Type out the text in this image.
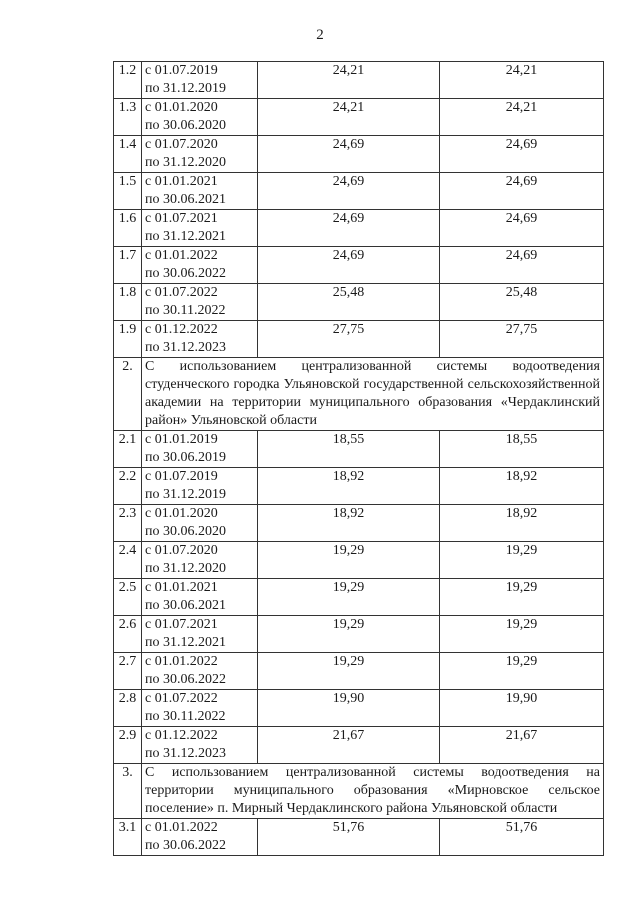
2
1.2	с 01.07.2019
по 31.12.2019	24,21	24,21
1.3	с 01.01.2020
по 30.06.2020	24,21	24,21
1.4	с 01.07.2020
по 31.12.2020	24,69	24,69
1.5	с 01.01.2021
по 30.06.2021	24,69	24,69
1.6	с 01.07.2021
по 31.12.2021	24,69	24,69
1.7	с 01.01.2022
по 30.06.2022	24,69	24,69
1.8	с 01.07.2022
по 30.11.2022	25,48	25,48
1.9	с 01.12.2022
по 31.12.2023	27,75	27,75
2.	С использованием централизованной системы водоотведения студенческого городка Ульяновской государственной сельскохозяйственной академии на территории муниципального образования «Чердаклинский район» Ульяновской области		
2.1	с 01.01.2019
по 30.06.2019	18,55	18,55
2.2	с 01.07.2019
по 31.12.2019	18,92	18,92
2.3	с 01.01.2020
по 30.06.2020	18,92	18,92
2.4	с 01.07.2020
по 31.12.2020	19,29	19,29
2.5	с 01.01.2021
по 30.06.2021	19,29	19,29
2.6	с 01.07.2021
по 31.12.2021	19,29	19,29
2.7	с 01.01.2022
по 30.06.2022	19,29	19,29
2.8	с 01.07.2022
по 30.11.2022	19,90	19,90
2.9	с 01.12.2022
по 31.12.2023	21,67	21,67
3.	С использованием централизованной системы водоотведения на территории муниципального образования «Мирновское сельское поселение» п. Мирный Чердаклинского района Ульяновской области		
3.1	с 01.01.2022
по 30.06.2022	51,76	51,76
